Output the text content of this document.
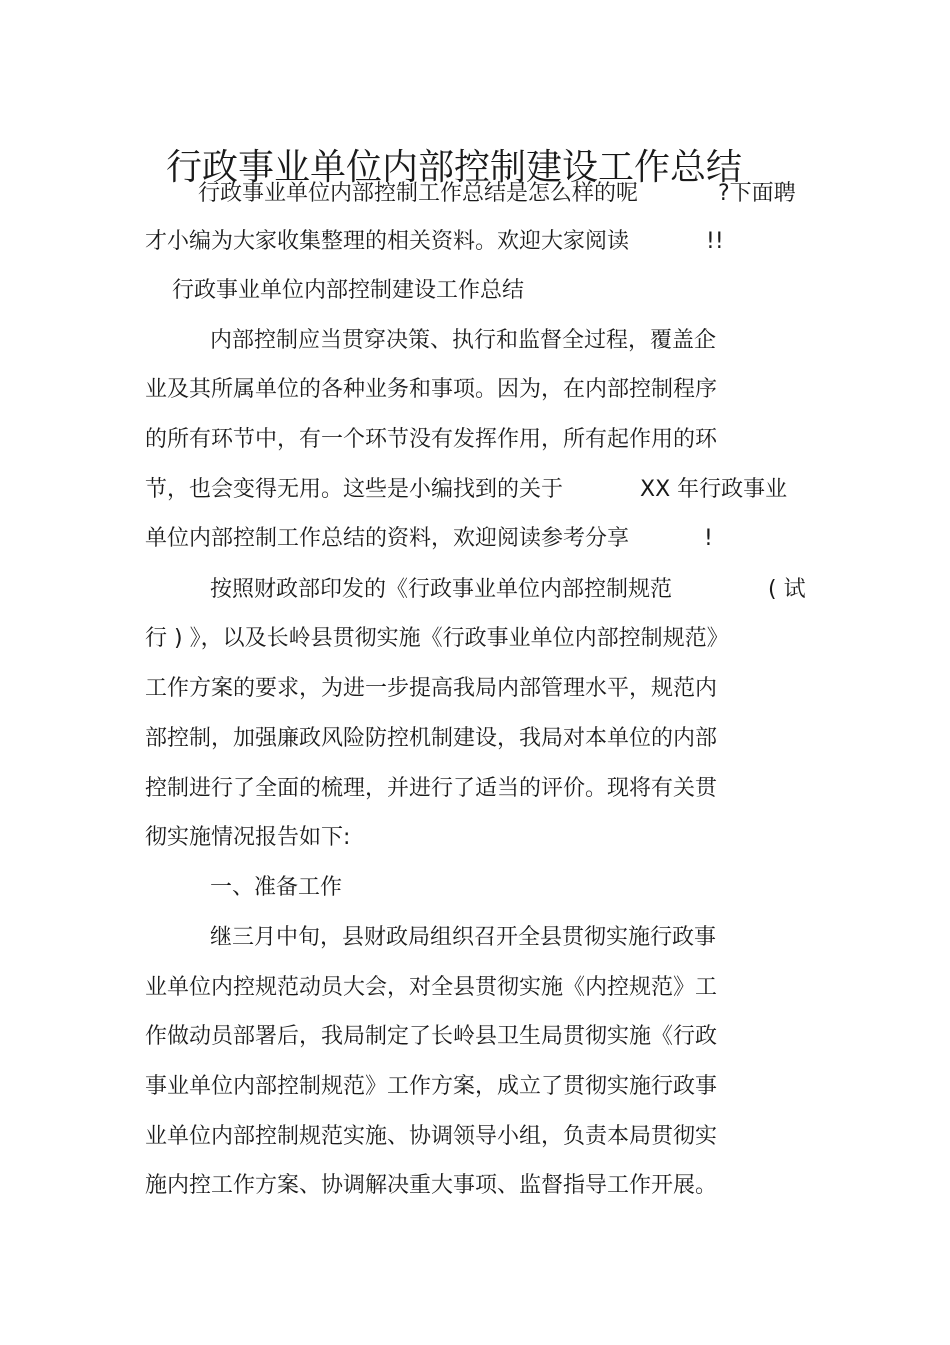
行政事业单位内部控制建设工作总结
行政事业单位内部控制工作总结是怎么样的呢	?下面聘
才小编为大家收集整理的相关资料。欢迎大家阅读	!!
行政事业单位内部控制建设工作总结
内部控制应当贯穿决策、执行和监督全过程，覆盖企
业及其所属单位的各种业务和事项。因为，在内部控制程序
的所有环节中，有一个环节没有发挥作用，所有起作用的环
节，也会变得无用。这些是小编找到的关于	XX 年行政事业
单位内部控制工作总结的资料，欢迎阅读参考分享	!
按照财政部印发的《行政事业单位内部控制规范	( 试
行 ) 》，以及长岭县贯彻实施《行政事业单位内部控制规范》
工作方案的要求，为进一步提高我局内部管理水平，规范内
部控制，加强廉政风险防控机制建设，我局对本单位的内部
控制进行了全面的梳理，并进行了适当的评价。现将有关贯
彻实施情况报告如下:
一、准备工作
继三月中旬，县财政局组织召开全县贯彻实施行政事
业单位内控规范动员大会，对全县贯彻实施《内控规范》工
作做动员部署后，我局制定了长岭县卫生局贯彻实施《行政
事业单位内部控制规范》工作方案，成立了贯彻实施行政事
业单位内部控制规范实施、协调领导小组，负责本局贯彻实
施内控工作方案、协调解决重大事项、监督指导工作开展。
